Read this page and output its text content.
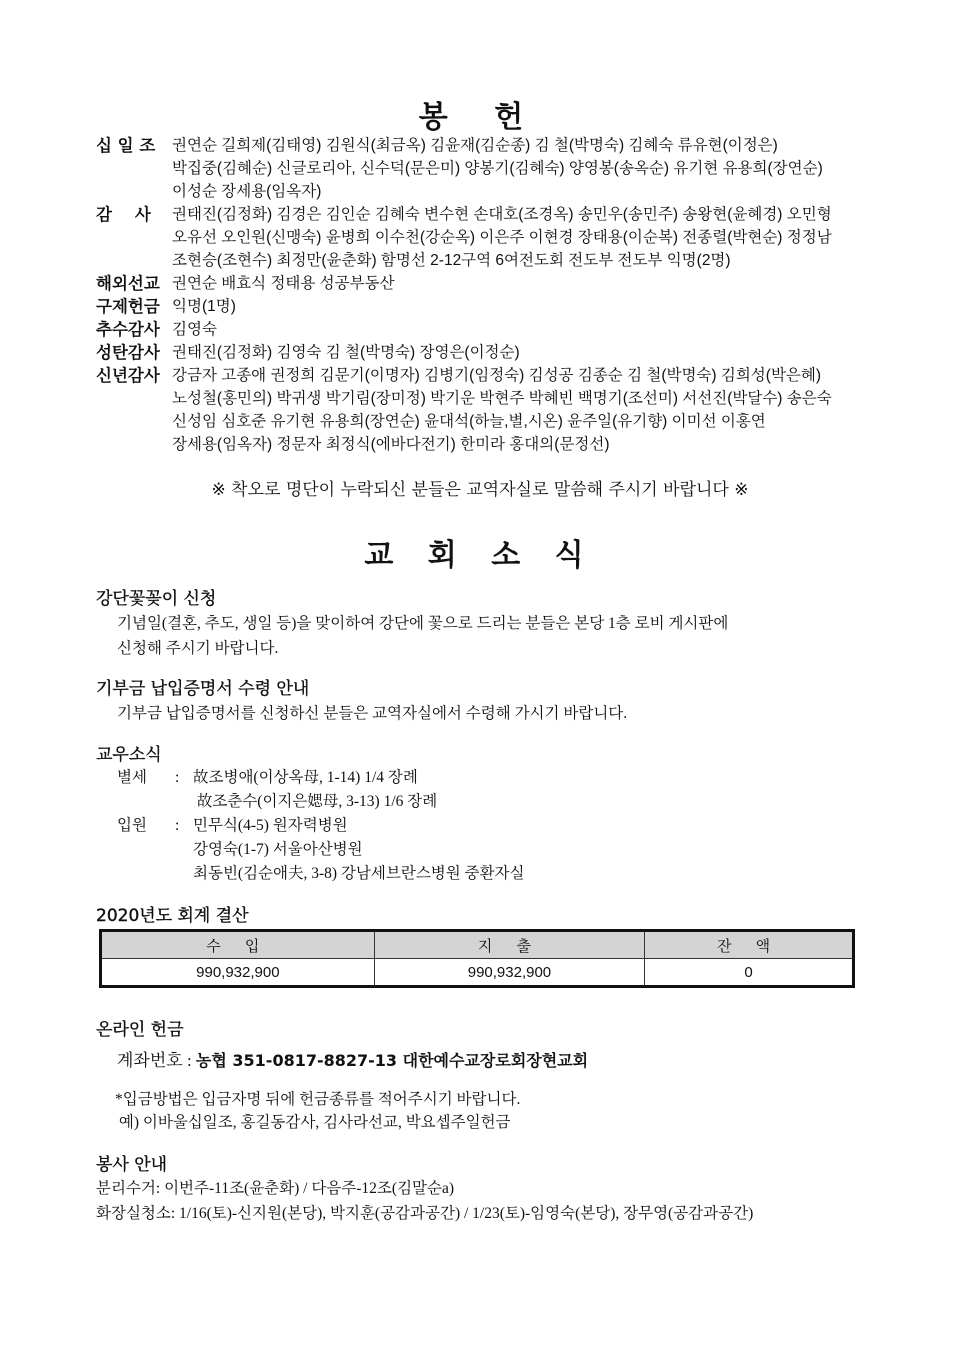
봉 헌
십 일 조	권연순 길희제(김태영) 김원식(최금옥) 김윤재(김순종) 김 철(박명숙) 김혜숙 류유현(이정은)
박집중(김혜순) 신글로리아, 신수덕(문은미) 양봉기(김혜숙) 양영봉(송옥순) 유기현 유용희(장연순)
이성순 장세용(임옥자)
감    사	권태진(김정화) 김경은 김인순 김혜숙 변수현 손대호(조경옥) 송민우(송민주) 송왕현(윤혜경) 오민형
오유선 오인원(신맹숙) 윤병희 이수천(강순옥) 이은주 이현경 장태용(이순복) 전종렬(박현순) 정정남
조현승(조현수) 최정만(윤춘화) 함명선 2-12구역 6여전도회 전도부 전도부 익명(2명)
해외선교 권연순 배효식 정태용 성공부동산
구제헌금 익명(1명)
추수감사 김영숙
성탄감사 권태진(김정화) 김영숙 김 철(박명숙) 장영은(이정순)
신년감사 강금자 고종애 권정희 김문기(이명자) 김병기(임정숙) 김성공 김종순 김 철(박명숙) 김희성(박은혜)
노성철(홍민의) 박귀생 박기림(장미정) 박기운 박현주 박혜빈 백명기(조선미) 서선진(박달수) 송은숙
신성임 심호준 유기현 유용희(장연순) 윤대석(하늘,별,시온) 윤주일(유기향) 이미선 이홍연
장세용(임옥자) 정문자 최정식(에바다전기) 한미라 홍대의(문정선)
※ 착오로 명단이 누락되신 분들은 교역자실로 말씀해 주시기 바랍니다 ※
교 회 소 식
강단꽃꽂이 신청
기념일(결혼, 추도, 생일 등)을 맞이하여 강단에 꽃으로 드리는 분들은 본당 1층 로비 게시판에
신청해 주시기 바랍니다.
기부금 납입증명서 수령 안내
기부금 납입증명서를 신청하신 분들은 교역자실에서 수령해 가시기 바랍니다.
교우소식
별세	: 故조병애(이상옥母, 1-14) 1/4 장례
故조춘수(이지은媤母, 3-13) 1/6 장례
입원	: 민무식(4-5) 원자력병원
강영숙(1-7) 서울아산병원
최동빈(김순애夫, 3-8) 강남세브란스병원 중환자실
2020년도 회계 결산
수 입	지 출	잔 액
990,932,900	990,932,900	0
온라인 헌금
계좌번호 : 농협 351-0817-8827-13 대한예수교장로회장현교회
*입금방법은 입금자명 뒤에 헌금종류를 적어주시기 바랍니다.
예) 이바울십일조, 홍길동감사, 김사라선교, 박요셉주일헌금
봉사 안내
분리수거: 이번주-11조(윤춘화) / 다음주-12조(김말순a)
화장실청소: 1/16(토)-신지원(본당), 박지훈(공감과공간) / 1/23(토)-임영숙(본당), 장무영(공감과공간)
